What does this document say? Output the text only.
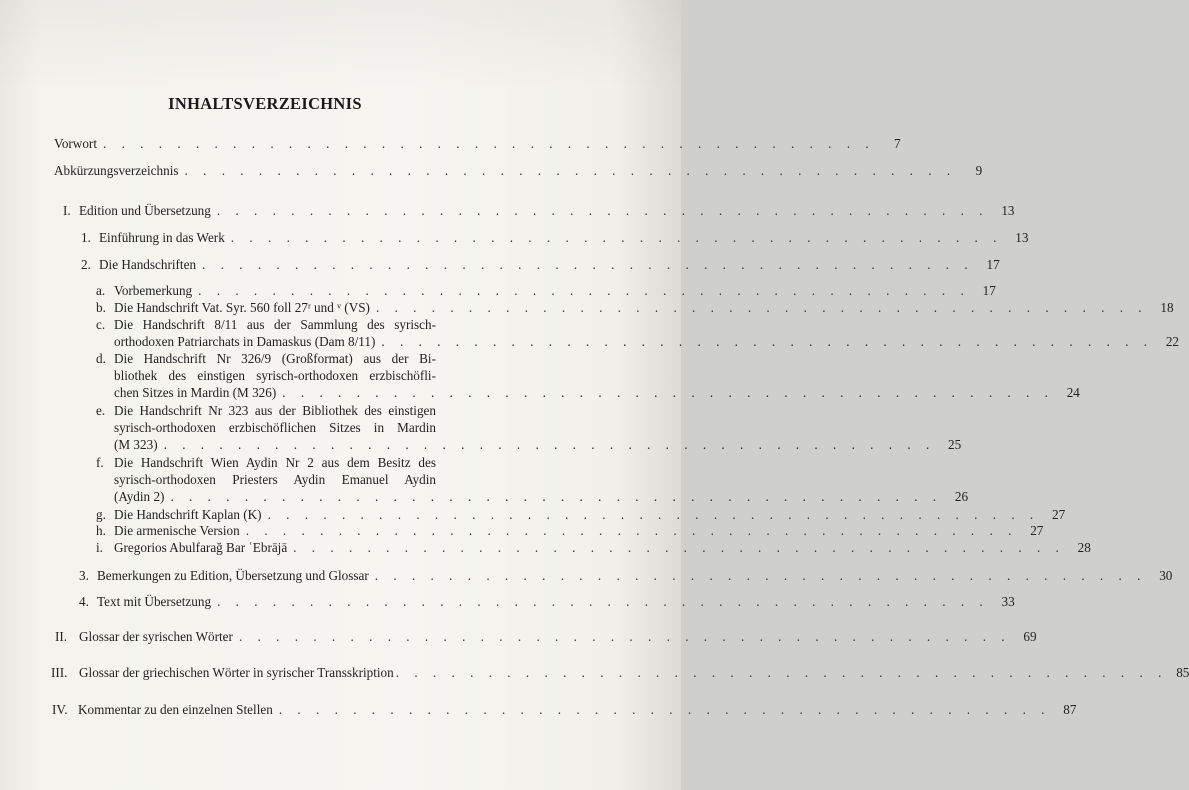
INHALTSVERZEICHNIS
Vorwort . . . . . . . . . . . . . . . . . . . . . . . . . . . . . . . . . . . . . . . . . .	7
Abkürzungsverzeichnis . . . . . . . . . . . . . . . . . . . . . . . . . . . . . . . . . . . . . . . . . .	9
I. Edition und Übersetzung . . . . . . . . . . . . . . . . . . . . . . . . . . . . . . . . . . . . . . . . . . 13
1. Einführung in das Werk . . . . . . . . . . . . . . . . . . . . . . . . . . . . . . . . . . . . . . . . . . 13
2. Die Handschriften . . . . . . . . . . . . . . . . . . . . . . . . . . . . . . . . . . . . . . . . . . 17
a. Vorbemerkung . . . . . . . . . . . . . . . . . . . . . . . . . . . . . . . . . . . . . . . . . . 17
b. Die Handschrift Vat. Syr. 560 foll 27ʳ und ᵛ (VS) . . . . . . . . . . . . . . . . . . . . . . . . . . . . . . . . . . . . . . . . . . 18
c. Die Handschrift 8/11 aus der Sammlung des syrisch-
orthodoxen Patriarchats in Damaskus (Dam 8/11) . . . . . . . . . . . . . . . . . . . . . . . . . . . . . . . . . . . . . . . . . . 22
d. Die Handschrift Nr 326/9 (Großformat) aus der Bi-
bliothek des einstigen syrisch-orthodoxen erzbischöfli-
chen Sitzes in Mardin (M 326) . . . . . . . . . . . . . . . . . . . . . . . . . . . . . . . . . . . . . . . . . . 24
e. Die Handschrift Nr 323 aus der Bibliothek des einstigen
syrisch-orthodoxen erzbischöflichen Sitzes in Mardin
(M 323) . . . . . . . . . . . . . . . . . . . . . . . . . . . . . . . . . . . . . . . . . . 25
f. Die Handschrift Wien Aydin Nr 2 aus dem Besitz des
syrisch-orthodoxen Priesters Aydin Emanuel Aydin
(Aydin 2) . . . . . . . . . . . . . . . . . . . . . . . . . . . . . . . . . . . . . . . . . . 26
g. Die Handschrift Kaplan (K) . . . . . . . . . . . . . . . . . . . . . . . . . . . . . . . . . . . . . . . . . . 27
h. Die armenische Version . . . . . . . . . . . . . . . . . . . . . . . . . . . . . . . . . . . . . . . . . . 27
i. Gregorios Abulfarağ Bar ʿEbrājā . . . . . . . . . . . . . . . . . . . . . . . . . . . . . . . . . . . . . . . . . . 28
3. Bemerkungen zu Edition, Übersetzung und Glossar . . . . . . . . . . . . . . . . . . . . . . . . . . . . . . . . . . . . . . . . . . 30
4. Text mit Übersetzung . . . . . . . . . . . . . . . . . . . . . . . . . . . . . . . . . . . . . . . . . . 33
II. Glossar der syrischen Wörter . . . . . . . . . . . . . . . . . . . . . . . . . . . . . . . . . . . . . . . . . . 69
III. Glossar der griechischen Wörter in syrischer Transskription . . . . . . . . . . . . . . . . . . . . . . . . . . . . . . . . . . . . . . . . . . 85
IV. Kommentar zu den einzelnen Stellen . . . . . . . . . . . . . . . . . . . . . . . . . . . . . . . . . . . . . . . . . . 87
